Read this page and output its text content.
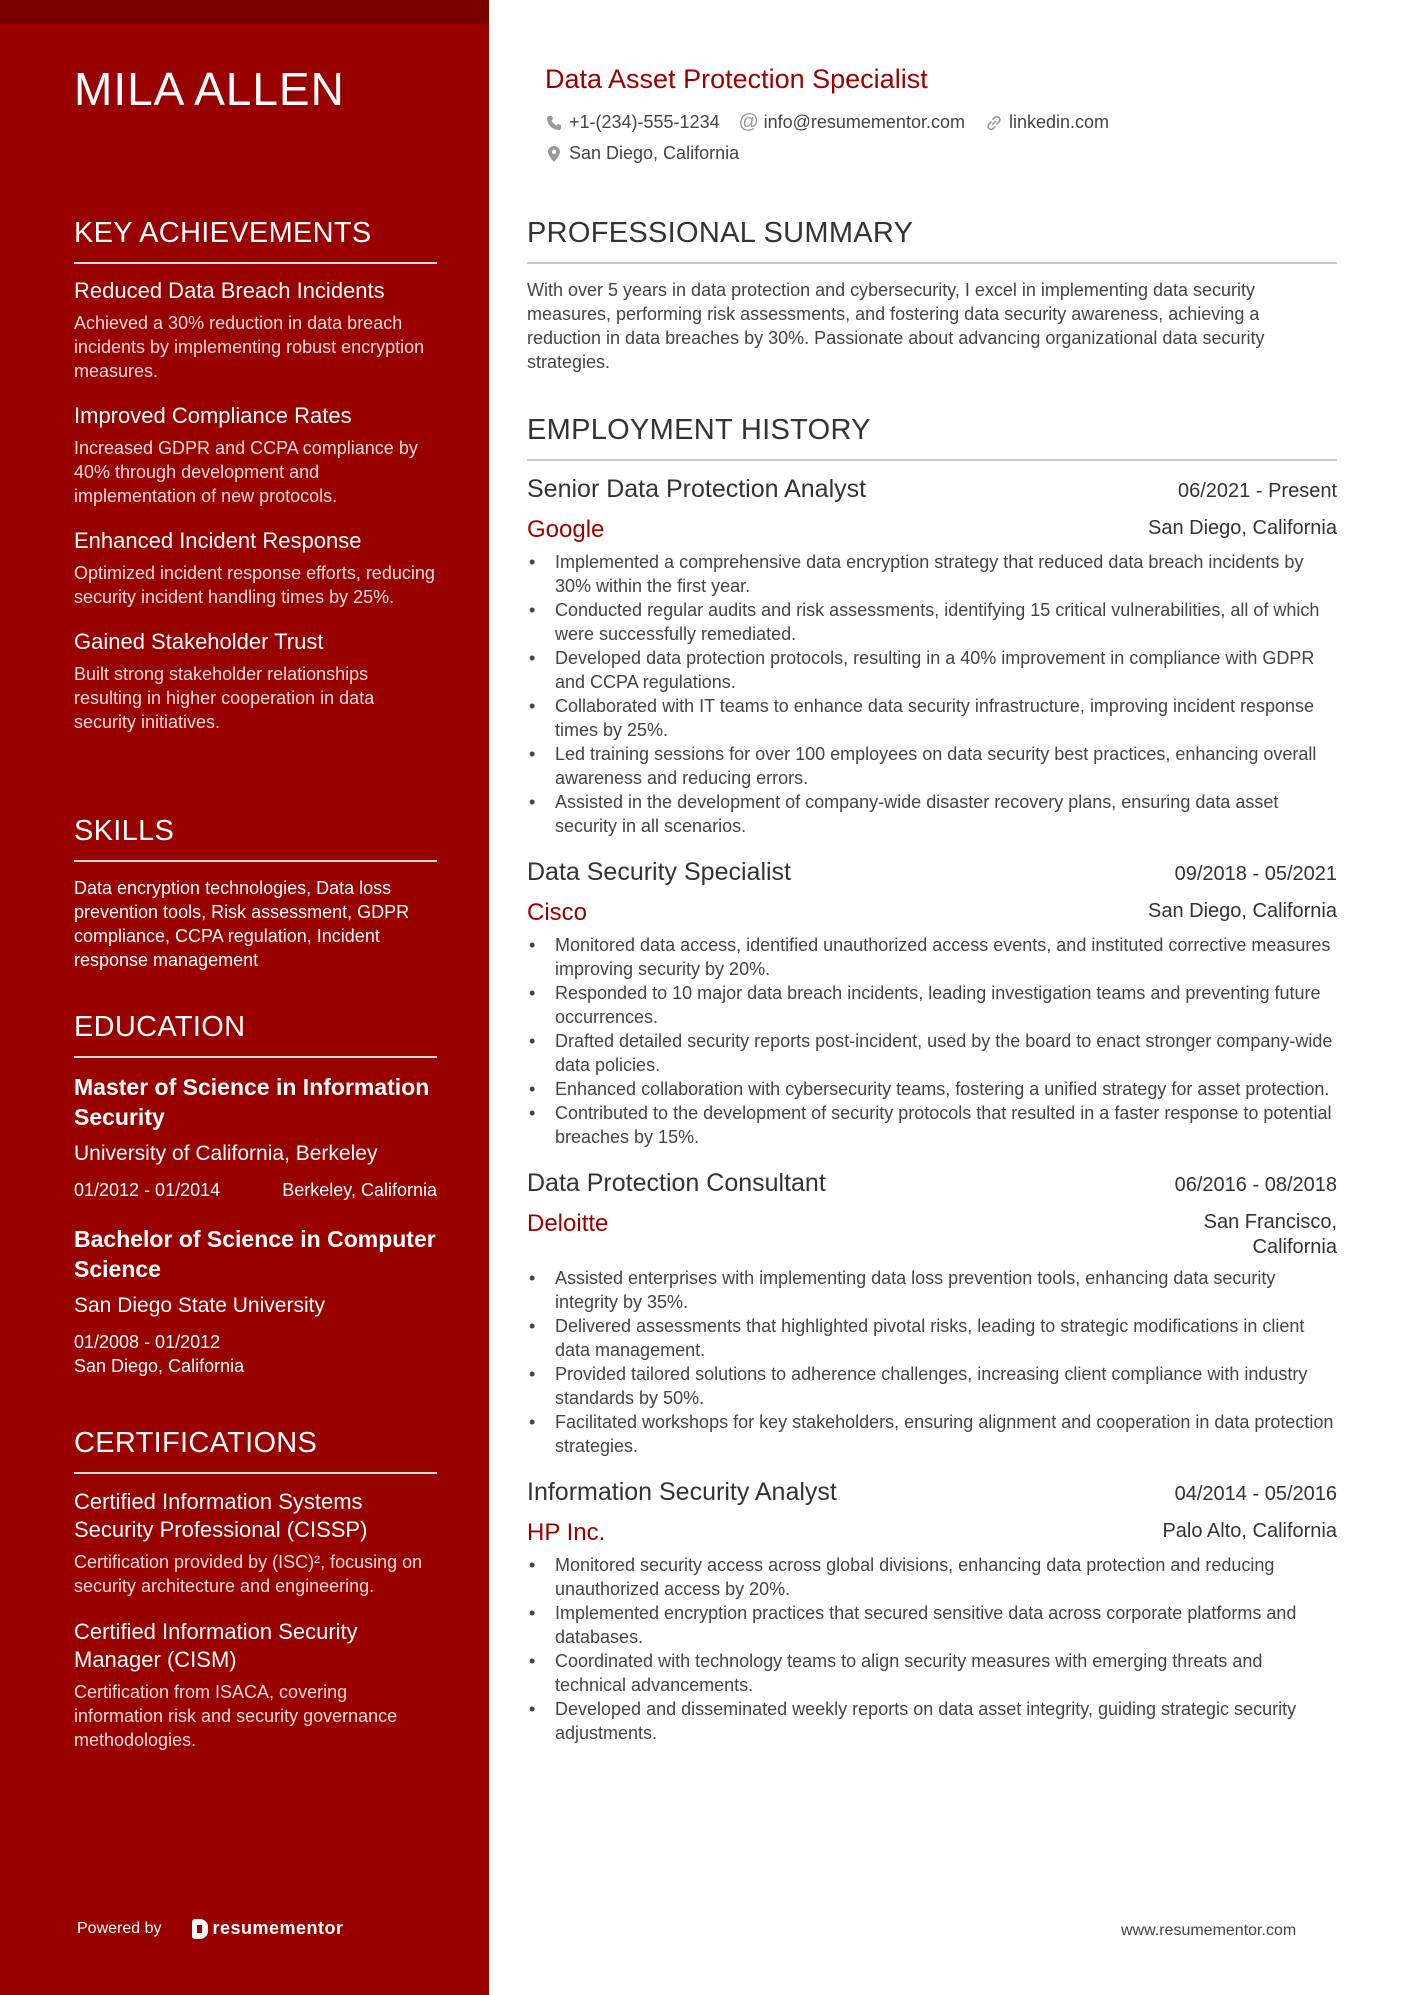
MILA ALLEN
KEY ACHIEVEMENTS
Reduced Data Breach Incidents
Achieved a 30% reduction in data breach incidents by implementing robust encryption measures.
Improved Compliance Rates
Increased GDPR and CCPA compliance by 40% through development and implementation of new protocols.
Enhanced Incident Response
Optimized incident response efforts, reducing security incident handling times by 25%.
Gained Stakeholder Trust
Built strong stakeholder relationships resulting in higher cooperation in data security initiatives.
SKILLS
Data encryption technologies, Data loss prevention tools, Risk assessment, GDPR compliance, CCPA regulation, Incident response management
EDUCATION
Master of Science in Information Security
University of California, Berkeley
01/2012 - 01/2014	Berkeley, California
Bachelor of Science in Computer Science
San Diego State University
01/2008 - 01/2012
San Diego, California
CERTIFICATIONS
Certified Information Systems Security Professional (CISSP)
Certification provided by (ISC)², focusing on security architecture and engineering.
Certified Information Security Manager (CISM)
Certification from ISACA, covering information risk and security governance methodologies.
Powered by	resumementor
Data Asset Protection Specialist
+1-(234)-555-1234 @ info@resumementor.com linkedin.com
San Diego, California
PROFESSIONAL SUMMARY
With over 5 years in data protection and cybersecurity, I excel in implementing data security measures, performing risk assessments, and fostering data security awareness, achieving a reduction in data breaches by 30%. Passionate about advancing organizational data security strategies.
EMPLOYMENT HISTORY
Senior Data Protection Analyst	06/2021 - Present
Google	San Diego, California
• Implemented a comprehensive data encryption strategy that reduced data breach incidents by 30% within the first year.
• Conducted regular audits and risk assessments, identifying 15 critical vulnerabilities, all of which were successfully remediated.
• Developed data protection protocols, resulting in a 40% improvement in compliance with GDPR and CCPA regulations.
• Collaborated with IT teams to enhance data security infrastructure, improving incident response times by 25%.
• Led training sessions for over 100 employees on data security best practices, enhancing overall awareness and reducing errors.
• Assisted in the development of company-wide disaster recovery plans, ensuring data asset security in all scenarios.
Data Security Specialist	09/2018 - 05/2021
Cisco	San Diego, California
• Monitored data access, identified unauthorized access events, and instituted corrective measures improving security by 20%.
• Responded to 10 major data breach incidents, leading investigation teams and preventing future occurrences.
• Drafted detailed security reports post-incident, used by the board to enact stronger company-wide data policies.
• Enhanced collaboration with cybersecurity teams, fostering a unified strategy for asset protection.
• Contributed to the development of security protocols that resulted in a faster response to potential breaches by 15%.
Data Protection Consultant	06/2016 - 08/2018
Deloitte	San Francisco, California
• Assisted enterprises with implementing data loss prevention tools, enhancing data security integrity by 35%.
• Delivered assessments that highlighted pivotal risks, leading to strategic modifications in client data management.
• Provided tailored solutions to adherence challenges, increasing client compliance with industry standards by 50%.
• Facilitated workshops for key stakeholders, ensuring alignment and cooperation in data protection strategies.
Information Security Analyst	04/2014 - 05/2016
HP Inc.	Palo Alto, California
• Monitored security access across global divisions, enhancing data protection and reducing unauthorized access by 20%.
• Implemented encryption practices that secured sensitive data across corporate platforms and databases.
• Coordinated with technology teams to align security measures with emerging threats and technical advancements.
• Developed and disseminated weekly reports on data asset integrity, guiding strategic security adjustments.
www.resumementor.com
